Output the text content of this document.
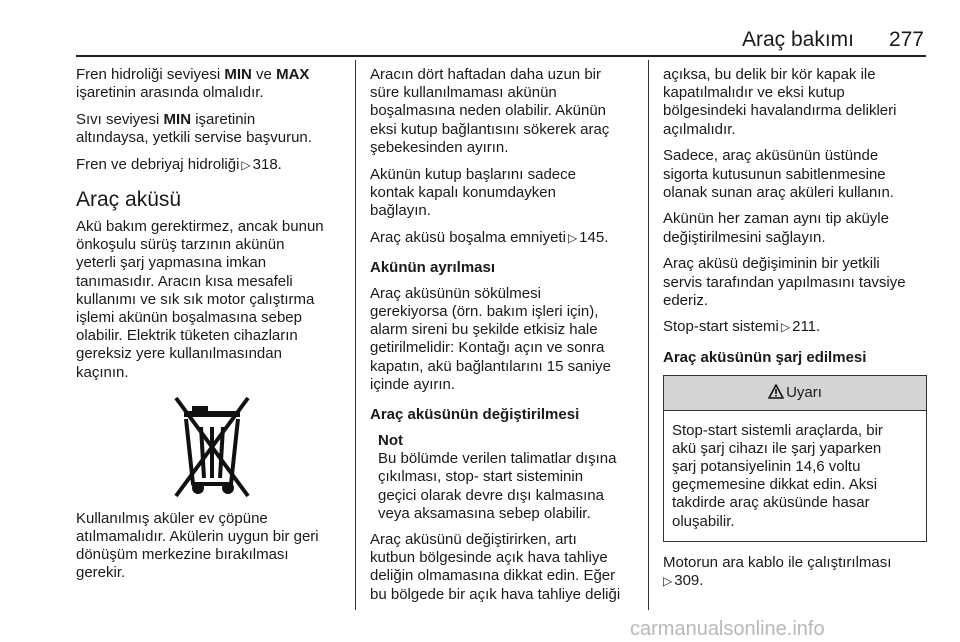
Araç bakımı 277

Fren hidroliği seviyesi MIN ve MAX
işaretinin arasında olmalıdır.

Sıvı seviyesi MIN işaretinin
altındaysa, yetkili servise başvurun.

Fren ve debriyaj hidroliği ▷ 318.

Araç aküsü

Akü bakım gerektirmez, ancak bunun
önkoşulu sürüş tarzının akünün
yeterli şarj yapmasına imkan
tanımasıdır. Aracın kısa mesafeli
kullanımı ve sık sık motor çalıştırma
işlemi akünün boşalmasına sebep
olabilir. Elektrik tüketen cihazların
gereksiz yere kullanılmasından
kaçının.

Kullanılmış aküler ev çöpüne
atılmamalıdır. Akülerin uygun bir geri
dönüşüm merkezine bırakılması
gerekir.

Aracın dört haftadan daha uzun bir
süre kullanılmaması akünün
boşalmasına neden olabilir. Akünün
eksi kutup bağlantısını sökerek araç
şebekesinden ayırın.

Akünün kutup başlarını sadece
kontak kapalı konumdayken
bağlayın.

Araç aküsü boşalma emniyeti ▷ 145.

Akünün ayrılması

Araç aküsünün sökülmesi
gerekiyorsa (örn. bakım işleri için),
alarm sireni bu şekilde etkisiz hale
getirilmelidir: Kontağı açın ve sonra
kapatın, akü bağlantılarını 15 saniye
içinde ayırın.

Araç aküsünün değiştirilmesi
Not

Bu bölümde verilen talimatlar dışına
çıkılması, stop- start sisteminin
geçici olarak devre dışı kalmasına
veya aksamasına sebep olabilir.

Araç aküsünü değiştirirken, artı
kutbun bölgesinde açık hava tahliye
deliğin olmamasına dikkat edin. Eğer
bu bölgede bir açık hava tahliye deliği

açıksa, bu delik bir kör kapak ile
kapatılmalıdır ve eksi kutup
bölgesindeki havalandırma delikleri
açılmalıdır.

Sadece, araç aküsünün üstünde
sigorta kutusunun sabitlenmesine
olanak sunan araç aküleri kullanın.

Akünün her zaman aynı tip aküyle
değiştirilmesini sağlayın.

Araç aküsü değişiminin bir yetkili
servis tarafından yapılmasını tavsiye
ederiz.

Stop-start sistemi ▷ 211.

Araç aküsünün şarj edilmesi
Uyarı

Stop-start sistemli araçlarda, bir
akü şarj cihazı ile şarj yaparken
şarj potansiyelinin 14,6 voltu
geçmemesine dikkat edin. Aksi
takdirde araç aküsünde hasar
oluşabilir.

Motorun ara kablo ile çalıştırılması
▷ 309.

carmanualsonline.info
